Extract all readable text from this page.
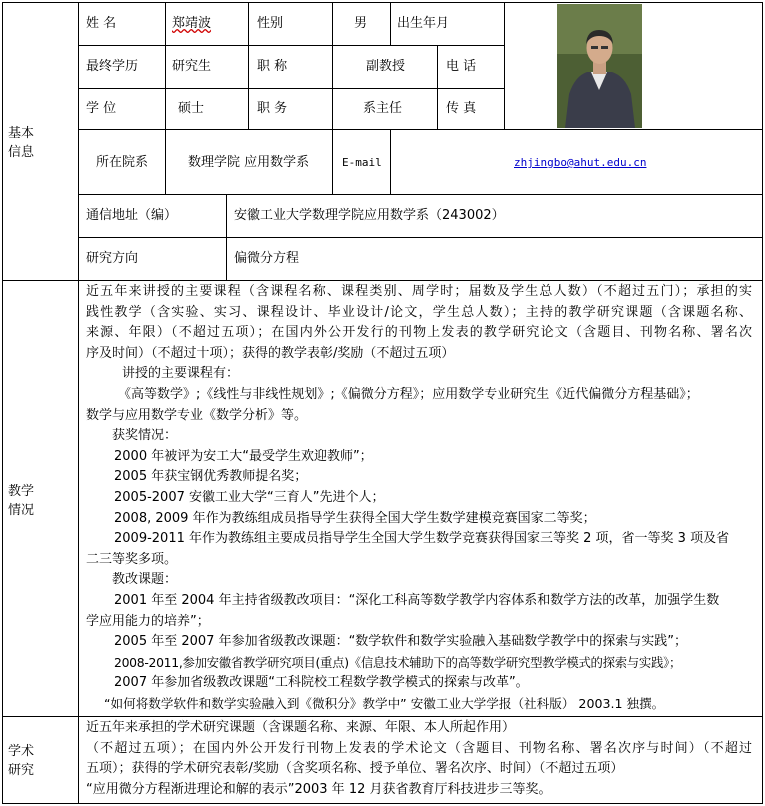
基本
信息
教学
情况
学术
研究
姓 名	郑靖波	性别	男 出生年月
最终学历	研究生	职 称	副教授	电 话
学 位	硕士	职 务	系主任	传 真
所在院系	数理学院 应用数学系	E-mail	zhjingbo@ahut.edu.cn
通信地址（编）	安徽工业大学数理学院应用数学系（243002）
研究方向	偏微分方程
近五年来讲授的主要课程（含课程名称、课程类别、周学时；届数及学生总人数）（不超过五门）；承担的实
践性教学（含实验、实习、课程设计、毕业设计/论文，学生总人数）；主持的教学研究课题（含课题名称、
来源、年限）（不超过五项）；在国内外公开发行的刊物上发表的教学研究论文（含题目、刊物名称、署名次
序及时间）（不超过十项）；获得的教学表彰/奖励（不超过五项）
讲授的主要课程有：
《高等数学》;《线性与非线性规划》;《偏微分方程》；应用数学专业研究生《近代偏微分方程基础》；
数学与应用数学专业《数学分析》等。
获奖情况：
2000 年被评为安工大“最受学生欢迎教师”；
2005 年获宝钢优秀教师提名奖；
2005-2007 安徽工业大学“三育人”先进个人；
2008, 2009 年作为教练组成员指导学生获得全国大学生数学建模竞赛国家二等奖；
2009-2011 年作为教练组主要成员指导学生全国大学生数学竞赛获得国家三等奖 2 项，省一等奖 3 项及省
二三等奖多项。
教改课题：
2001 年至 2004 年主持省级教改项目：“深化工科高等数学教学内容体系和数学方法的改革，加强学生数
学应用能力的培养”；
2005 年至 2007 年参加省级教改课题：“数学软件和数学实验融入基础数学教学中的探索与实践”；
2008-2011,参加安徽省教学研究项目(重点)《信息技术辅助下的高等数学研究型教学模式的探索与实践》；
2007 年参加省级教改课题“工科院校工程数学教学模式的探索与改革”。
“如何将数学软件和数学实验融入到《微积分》教学中” 安徽工业大学学报（社科版） 2003.1 独撰。
近五年来承担的学术研究课题（含课题名称、来源、年限、本人所起作用）
（不超过五项）；在国内外公开发行刊物上发表的学术论文（含题目、刊物名称、署名次序与时间）（不超过
五项）；获得的学术研究表彰/奖励（含奖项名称、授予单位、署名次序、时间）（不超过五项）
“应用微分方程渐进理论和解的表示”2003 年 12 月获省教育厅科技进步三等奖。
